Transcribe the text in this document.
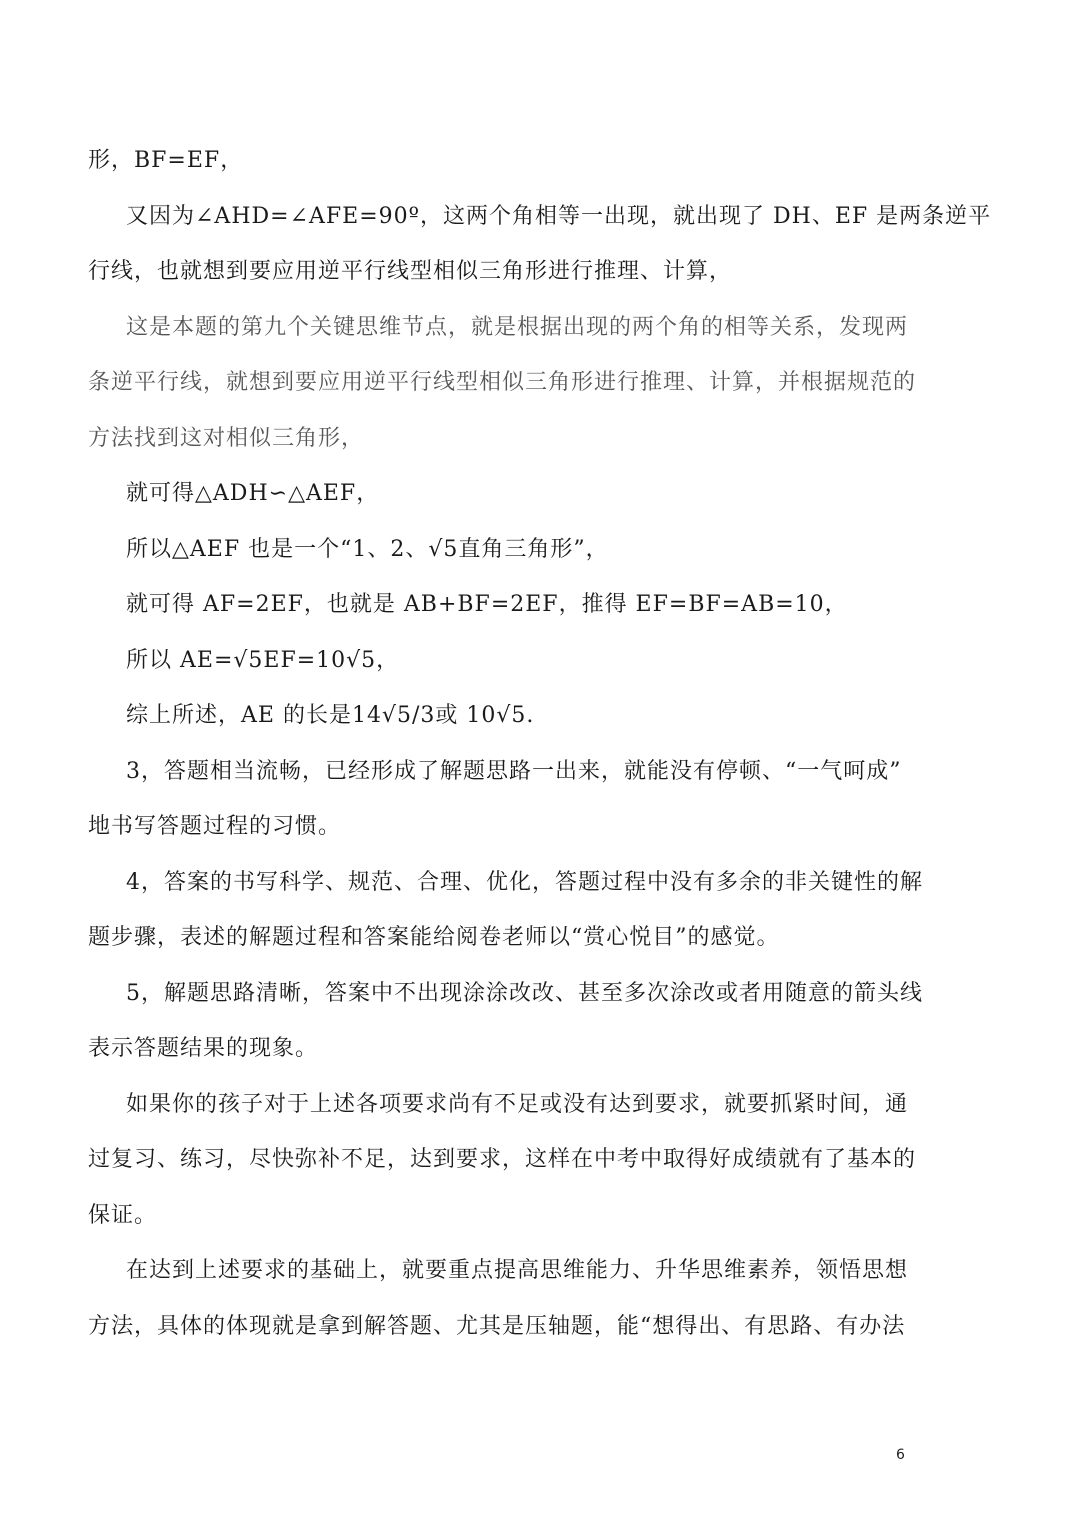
形，BF=EF，
又因为∠AHD=∠AFE=90º，这两个角相等一出现，就出现了 DH、EF 是两条逆平
行线，也就想到要应用逆平行线型相似三角形进行推理、计算，
这是本题的第九个关键思维节点，就是根据出现的两个角的相等关系，发现两
条逆平行线，就想到要应用逆平行线型相似三角形进行推理、计算，并根据规范的
方法找到这对相似三角形，
就可得△ADH∽△AEF，
所以△AEF 也是一个“1、2、√5直角三角形”，
就可得 AF=2EF，也就是 AB+BF=2EF，推得 EF=BF=AB=10，
所以 AE=√5EF=10√5，
综上所述，AE 的长是14√5/3或 10√5.
3，答题相当流畅，已经形成了解题思路一出来，就能没有停顿、“一气呵成”
地书写答题过程的习惯。
4，答案的书写科学、规范、合理、优化，答题过程中没有多余的非关键性的解
题步骤，表述的解题过程和答案能给阅卷老师以“赏心悦目”的感觉。
5，解题思路清晰，答案中不出现涂涂改改、甚至多次涂改或者用随意的箭头线
表示答题结果的现象。
如果你的孩子对于上述各项要求尚有不足或没有达到要求，就要抓紧时间，通
过复习、练习，尽快弥补不足，达到要求，这样在中考中取得好成绩就有了基本的
保证。
在达到上述要求的基础上，就要重点提高思维能力、升华思维素养，领悟思想
方法，具体的体现就是拿到解答题、尤其是压轴题，能“想得出、有思路、有办法
6
